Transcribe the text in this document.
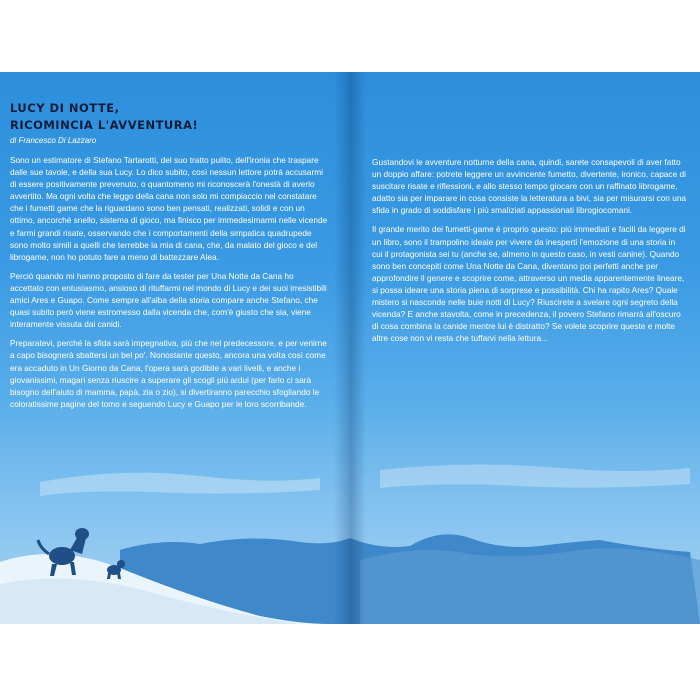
LUCY DI NOTTE,
RICOMINCIA L'AVVENTURA!
di Francesco Di Lazzaro

Sono un estimatore di Stefano Tartarotti, del suo tratto pulito, dell'ironia che traspare dalle sue tavole, e della sua Lucy. Lo dico subito, così nessun lettore potrà accusarmi di essere positivamente prevenuto, o quantomeno mi riconoscerà l'onestà di averlo avvertito. Ma ogni volta che leggo della cana non solo mi compiaccio nel constatare che i fumetti game che la riguardano sono ben pensati, realizzati, solidi e con un ottimo, ancorché snello, sistema di gioco, ma finisco per immedesimarmi nelle vicende e farmi grandi risate, osservando che i comportamenti della simpatica quadrupede sono molto simili a quelli che terrebbe la mia di cana, che, da malato del gioco e del librogame, non ho potuto fare a meno di battezzare Alea.

Perciò quando mi hanno proposto di fare da tester per Una Notte da Cana ho accettato con entusiasmo, ansioso di rituffarmi nel mondo di Lucy e dei suoi irresistibili amici Ares e Guapo. Come sempre all'alba della storia compare anche Stefano, che quasi subito però viene estromesso dalla vicenda che, com'è giusto che sia, viene interamente vissuta dai canidi.

Preparatevi, perché la sfida sarà impegnativa, più che nel predecessore, e per venirne a capo bisognerà sbattersi un bel po'. Nonostante questo, ancora una volta così come era accaduto in Un Giorno da Cana, l'opera sarà godibile a vari livelli, e anche i giovanissimi, magari senza riuscire a superare gli scogli più ardui (per farlo ci sarà bisogno dell'aiuto di mamma, papà, zia o zio), si divertiranno parecchio sfogliando le coloratissime pagine del tomo e seguendo Lucy e Guapo per le loro scorribande.

Gustandovi le avventure notturne della cana, quindi, sarete consapevoli di aver fatto un doppio affare: potrete leggere un avvincente fumetto, divertente, ironico, capace di suscitare risate e riflessioni, e allo stesso tempo giocare con un raffinato librogame, adatto sia per imparare in cosa consiste la letteratura a bivi, sia per misurarsi con una sfida in grado di soddisfare i più smaliziati appassionati librogiocomani.

Il grande merito dei fumetti-game è proprio questo: più immediati e facili da leggere di un libro, sono il trampolino ideale per vivere da inesperti l'emozione di una storia in cui il protagonista sei tu (anche se, almeno in questo caso, in vesti canine). Quando sono ben concepiti come Una Notte da Cana, diventano poi perfetti anche per approfondire il genere e scoprire come, attraverso un media apparentemente lineare, si possa ideare una storia piena di sorprese e possibilità. Chi ha rapito Ares? Quale mistero si nasconde nelle buie notti di Lucy? Riuscirete a svelare ogni segreto della vicenda? E anche stavolta, come in precedenza, il povero Stefano rimarrà all'oscuro di cosa combina la canide mentre lui è distratto? Se volete scoprire queste e molte altre cose non vi resta che tuffarvi nella lettura...
